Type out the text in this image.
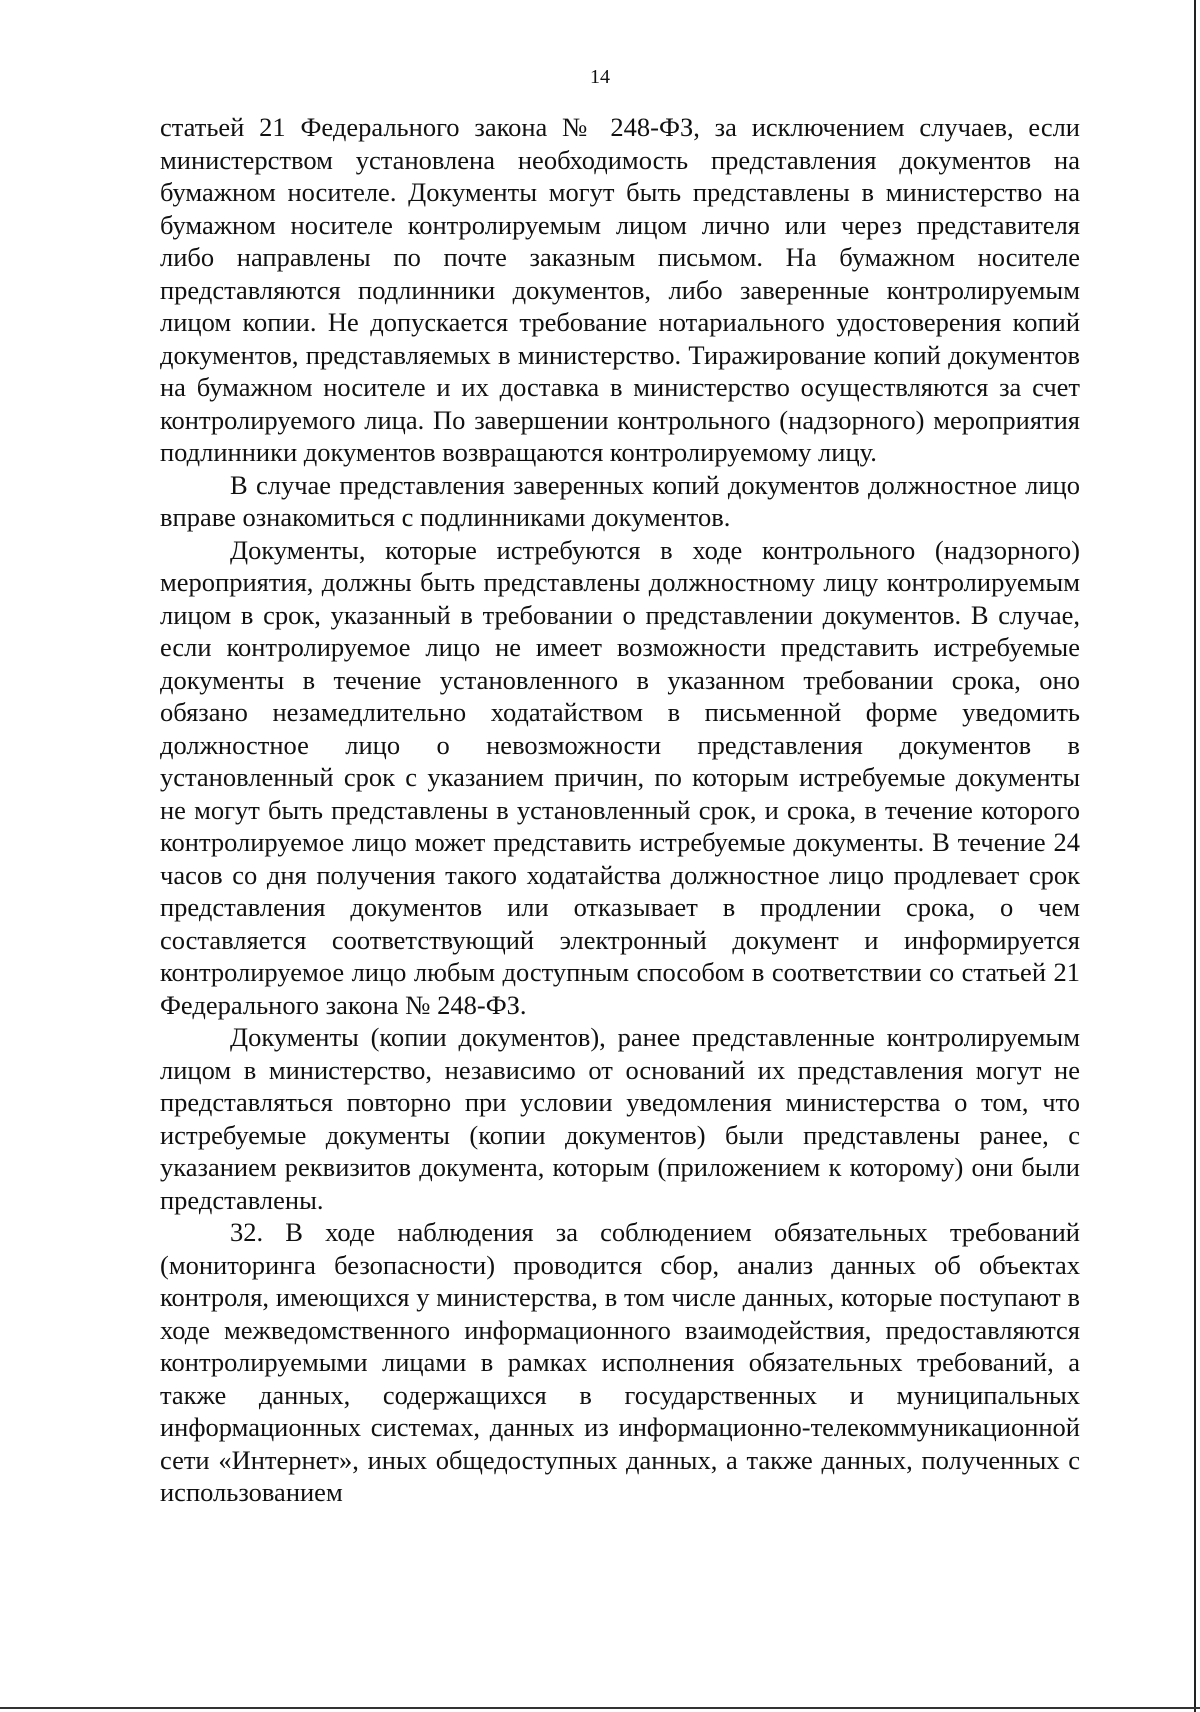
14

статьей 21 Федерального закона № 248-ФЗ, за исключением случаев, если министерством установлена необходимость представления документов на бумажном носителе. Документы могут быть представлены в министерство на бумажном носителе контролируемым лицом лично или через представителя либо направлены по почте заказным письмом. На бумажном носителе представляются подлинники документов, либо заверенные контролируемым лицом копии. Не допускается требование нотариального удостоверения копий документов, представляемых в министерство. Тиражирование копий документов на бумажном носителе и их доставка в министерство осуществляются за счет контролируемого лица. По завершении контрольного (надзорного) мероприятия подлинники документов возвращаются контролируемому лицу.

В случае представления заверенных копий документов должностное лицо вправе ознакомиться с подлинниками документов.

Документы, которые истребуются в ходе контрольного (надзорного) мероприятия, должны быть представлены должностному лицу контролируемым лицом в срок, указанный в требовании о представлении документов. В случае, если контролируемое лицо не имеет возможности представить истребуемые документы в течение установленного в указанном требовании срока, оно обязано незамедлительно ходатайством в письменной форме уведомить должностное лицо о невозможности представления документов в установленный срок с указанием причин, по которым истребуемые документы не могут быть представлены в установленный срок, и срока, в течение которого контролируемое лицо может представить истребуемые документы. В течение 24 часов со дня получения такого ходатайства должностное лицо продлевает срок представления документов или отказывает в продлении срока, о чем составляется соответствующий электронный документ и информируется контролируемое лицо любым доступным способом в соответствии со статьей 21 Федерального закона № 248-ФЗ.

Документы (копии документов), ранее представленные контролируемым лицом в министерство, независимо от оснований их представления могут не представляться повторно при условии уведомления министерства о том, что истребуемые документы (копии документов) были представлены ранее, с указанием реквизитов документа, которым (приложением к которому) они были представлены.

32. В ходе наблюдения за соблюдением обязательных требований (мониторинга безопасности) проводится сбор, анализ данных об объектах контроля, имеющихся у министерства, в том числе данных, которые поступают в ходе межведомственного информационного взаимодействия, предоставляются контролируемыми лицами в рамках исполнения обязательных требований, а также данных, содержащихся в государственных и муниципальных информационных системах, данных из информационно-телекоммуникационной сети «Интернет», иных общедоступных данных, а также данных, полученных с использованием
